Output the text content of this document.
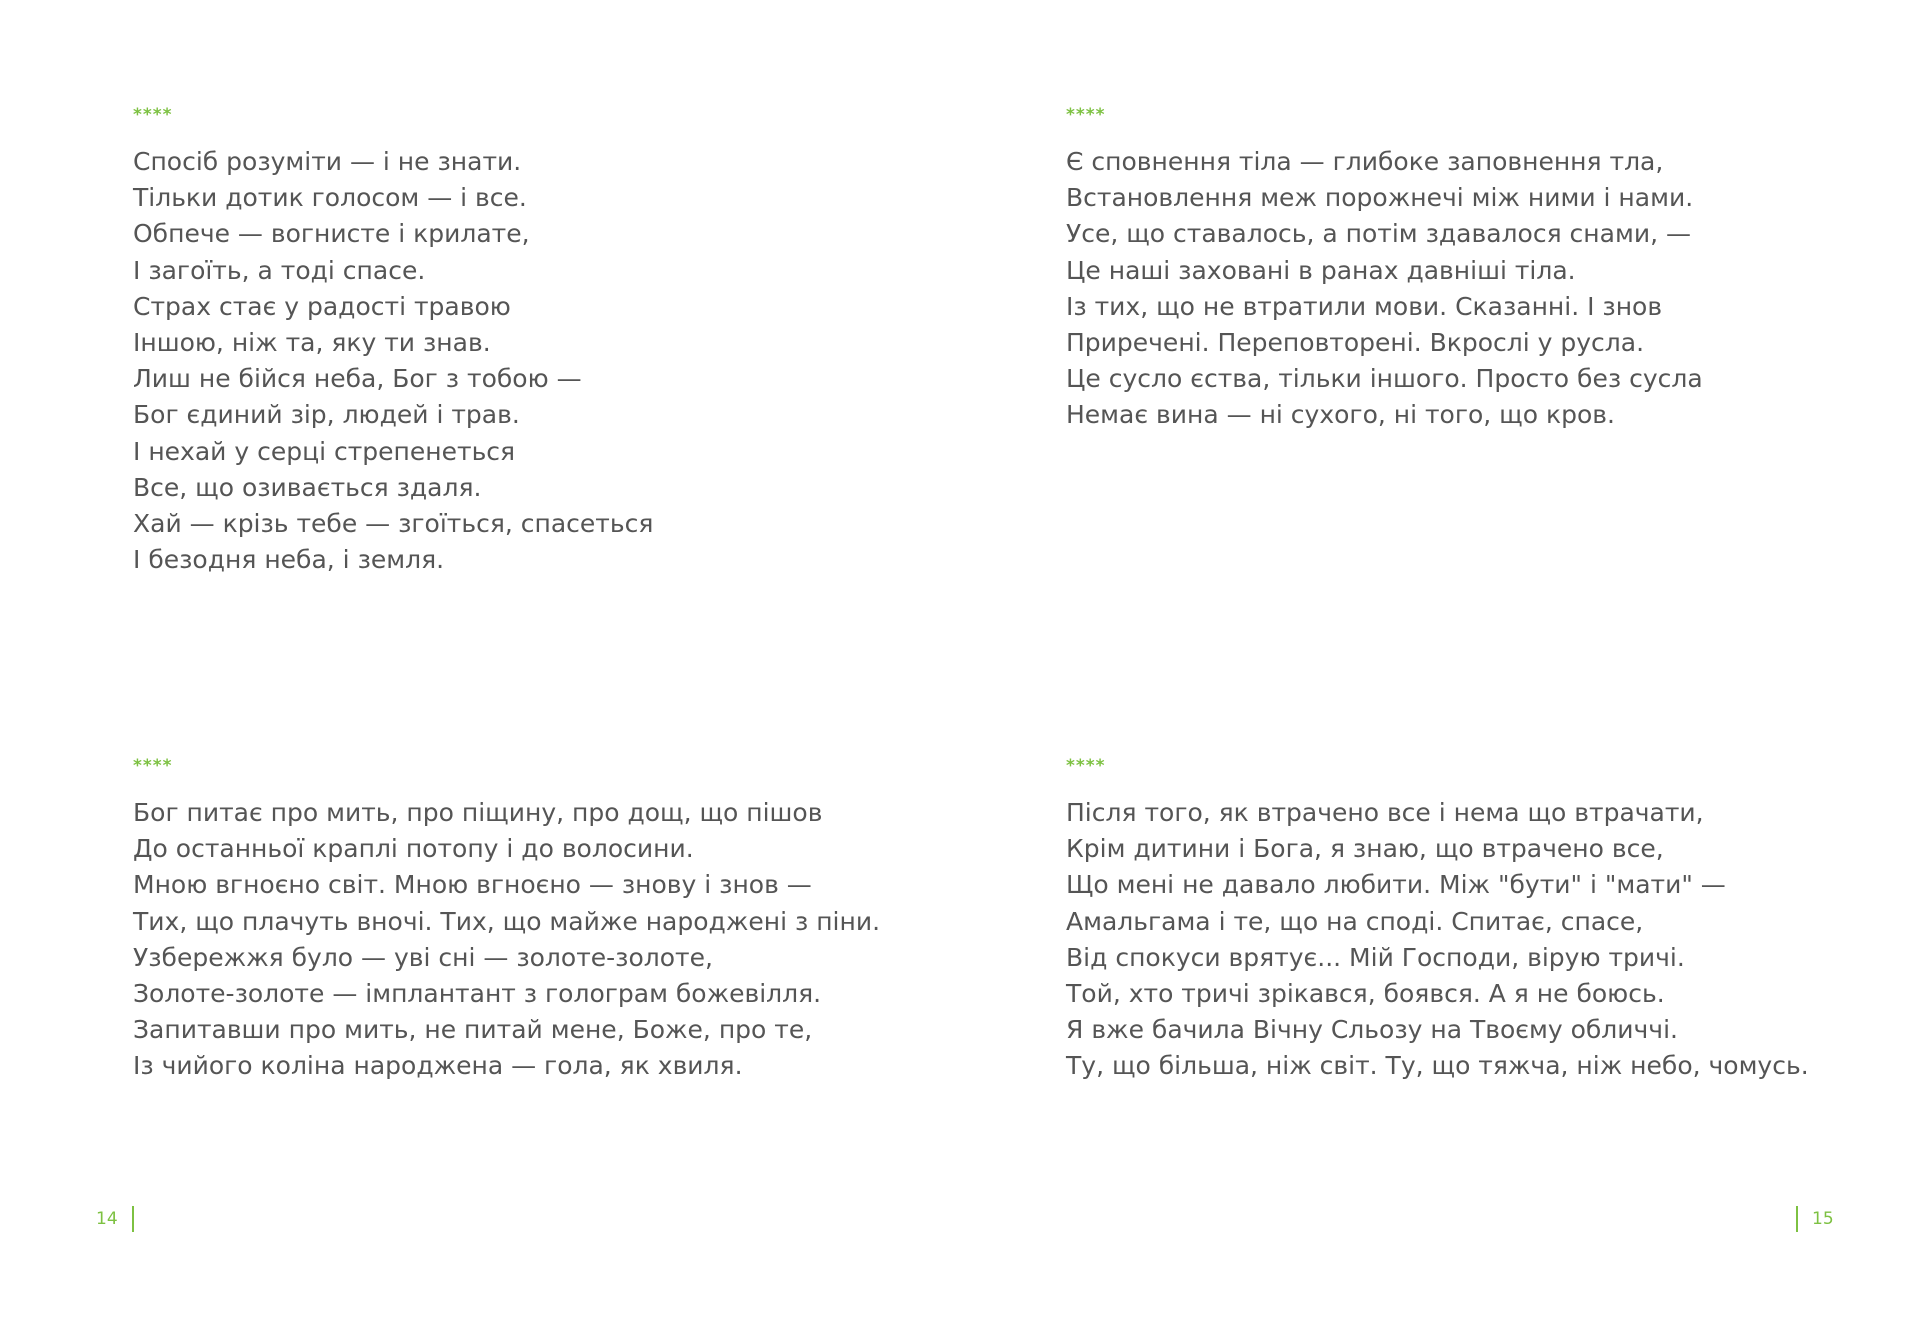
****
Спосіб розуміти — і не знати.
Тільки дотик голосом — і все.
Обпече — вогнисте і крилате,
І загоїть, а тоді спасе.
Страх стає у радості травою
Іншою, ніж та, яку ти знав.
Лиш не бійся неба, Бог з тобою —
Бог єдиний зір, людей і трав.
І нехай у серці стрепенеться
Все, що озивається здаля.
Хай — крізь тебе — згоїться, спасеться
І безодня неба, і земля.
****
Є сповнення тіла — глибоке заповнення тла,
Встановлення меж порожнечі між ними і нами.
Усе, що ставалось, а потім здавалося снами, —
Це наші заховані в ранах давніші тіла.
Із тих, що не втратили мови. Сказанні. І знов
Приречені. Переповторені. Вкрослі у русла.
Це сусло єства, тільки іншого. Просто без сусла
Немає вина — ні сухого, ні того, що кров.
****
Бог питає про мить, про піщину, про дощ, що пішов
До останньої краплі потопу і до волосини.
Мною вгноєно світ. Мною вгноєно — знову і знов —
Тих, що плачуть вночі. Тих, що майже народжені з піни.
Узбережжя було — уві сні — золоте-золоте,
Золоте-золоте — імплантант з голограм божевілля.
Запитавши про мить, не питай мене, Боже, про те,
Із чийого коліна народжена — гола, як хвиля.
****
Після того, як втрачено все і нема що втрачати,
Крім дитини і Бога, я знаю, що втрачено все,
Що мені не давало любити. Між "бути" і "мати" —
Амальгама і те, що на споді. Спитає, спасе,
Від спокуси врятує... Мій Господи, вірую тричі.
Той, хто тричі зрікався, боявся. А я не боюсь.
Я вже бачила Вічну Сльозу на Твоєму обличчі.
Ту, що більша, ніж світ. Ту, що тяжча, ніж небо, чомусь.
14	15
